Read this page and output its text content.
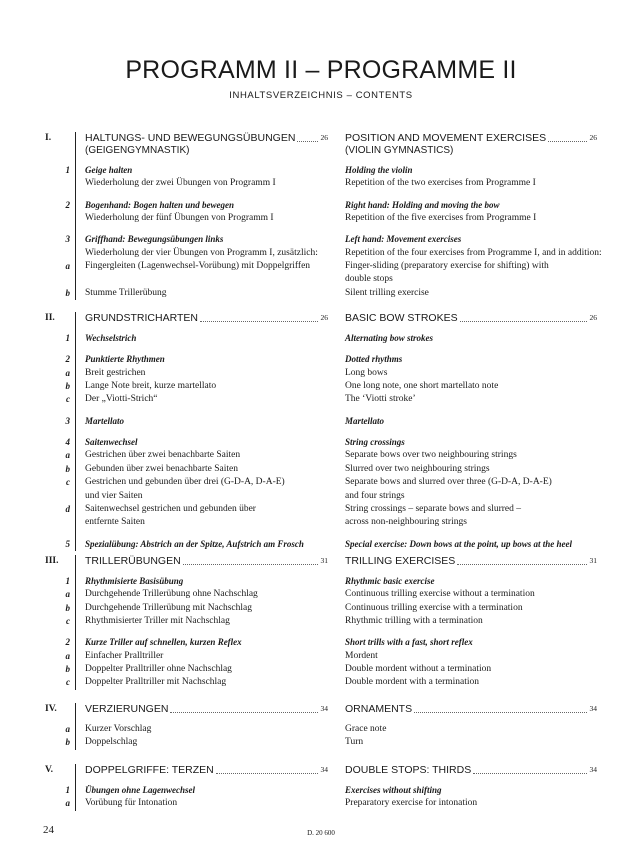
PROGRAMM II – PROGRAMME II
INHALTSVERZEICHNIS – CONTENTS
I.	HALTUNGS- UND BEWEGUNGSÜBUNGEN	26 POSITION AND MOVEMENT EXERCISES	26
(GEIGENGYMNASTIK)	(VIOLIN GYMNASTICS)
1 Geige halten	Holding the violin
Wiederholung der zwei Übungen von Programm I	Repetition of the two exercises from Programme I
2 Bogenhand: Bogen halten und bewegen	Right hand: Holding and moving the bow
Wiederholung der fünf Übungen von Programm I	Repetition of the five exercises from Programme I
3 Griffhand: Bewegungsübungen links	Left hand: Movement exercises
Wiederholung der vier Übungen von Programm I, zusätzlich:	Repetition of the four exercises from Programme I, and in addition:
a Fingergleiten (Lagenwechsel-Vorübung) mit Doppelgriffen	Finger-sliding (preparatory exercise for shifting) with
double stops
b Stumme Trillerübung	Silent trilling exercise
II.	GRUNDSTRICHARTEN	26 BASIC BOW STROKES	26
1 Wechselstrich	Alternating bow strokes
2 Punktierte Rhythmen	Dotted rhythms
a Breit gestrichen	Long bows
b Lange Note breit, kurze martellato	One long note, one short martellato note
c Der „Viotti-Strich“	The ‘Viotti stroke’
3 Martellato	Martellato
4 Saitenwechsel	String crossings
a Gestrichen über zwei benachbarte Saiten	Separate bows over two neighbouring strings
b Gebunden über zwei benachbarte Saiten	Slurred over two neighbouring strings
c Gestrichen und gebunden über drei (G-D-A, D-A-E)	Separate bows and slurred over three (G-D-A, D-A-E)
und vier Saiten	and four strings
d Saitenwechsel gestrichen und gebunden über	String crossings – separate bows and slurred –
entfernte Saiten	across non-neighbouring strings
5 Spezialübung: Abstrich an der Spitze, Aufstrich am Frosch	Special exercise: Down bows at the point, up bows at the heel
III.	TRILLERÜBUNGEN	31 TRILLING EXERCISES	31
1 Rhythmisierte Basisübung	Rhythmic basic exercise
a Durchgehende Trillerübung ohne Nachschlag	Continuous trilling exercise without a termination
b Durchgehende Trillerübung mit Nachschlag	Continuous trilling exercise with a termination
c Rhythmisierter Triller mit Nachschlag	Rhythmic trilling with a termination
2 Kurze Triller auf schnellen, kurzen Reflex	Short trills with a fast, short reflex
a Einfacher Pralltriller	Mordent
b Doppelter Pralltriller ohne Nachschlag	Double mordent without a termination
c Doppelter Pralltriller mit Nachschlag	Double mordent with a termination
IV.	VERZIERUNGEN	34 ORNAMENTS	34
a Kurzer Vorschlag	Grace note
b Doppelschlag	Turn
V.	DOPPELGRIFFE: TERZEN	34 DOUBLE STOPS: THIRDS	34
1 Übungen ohne Lagenwechsel	Exercises without shifting
a Vorübung für Intonation	Preparatory exercise for intonation
24	D. 20 600
